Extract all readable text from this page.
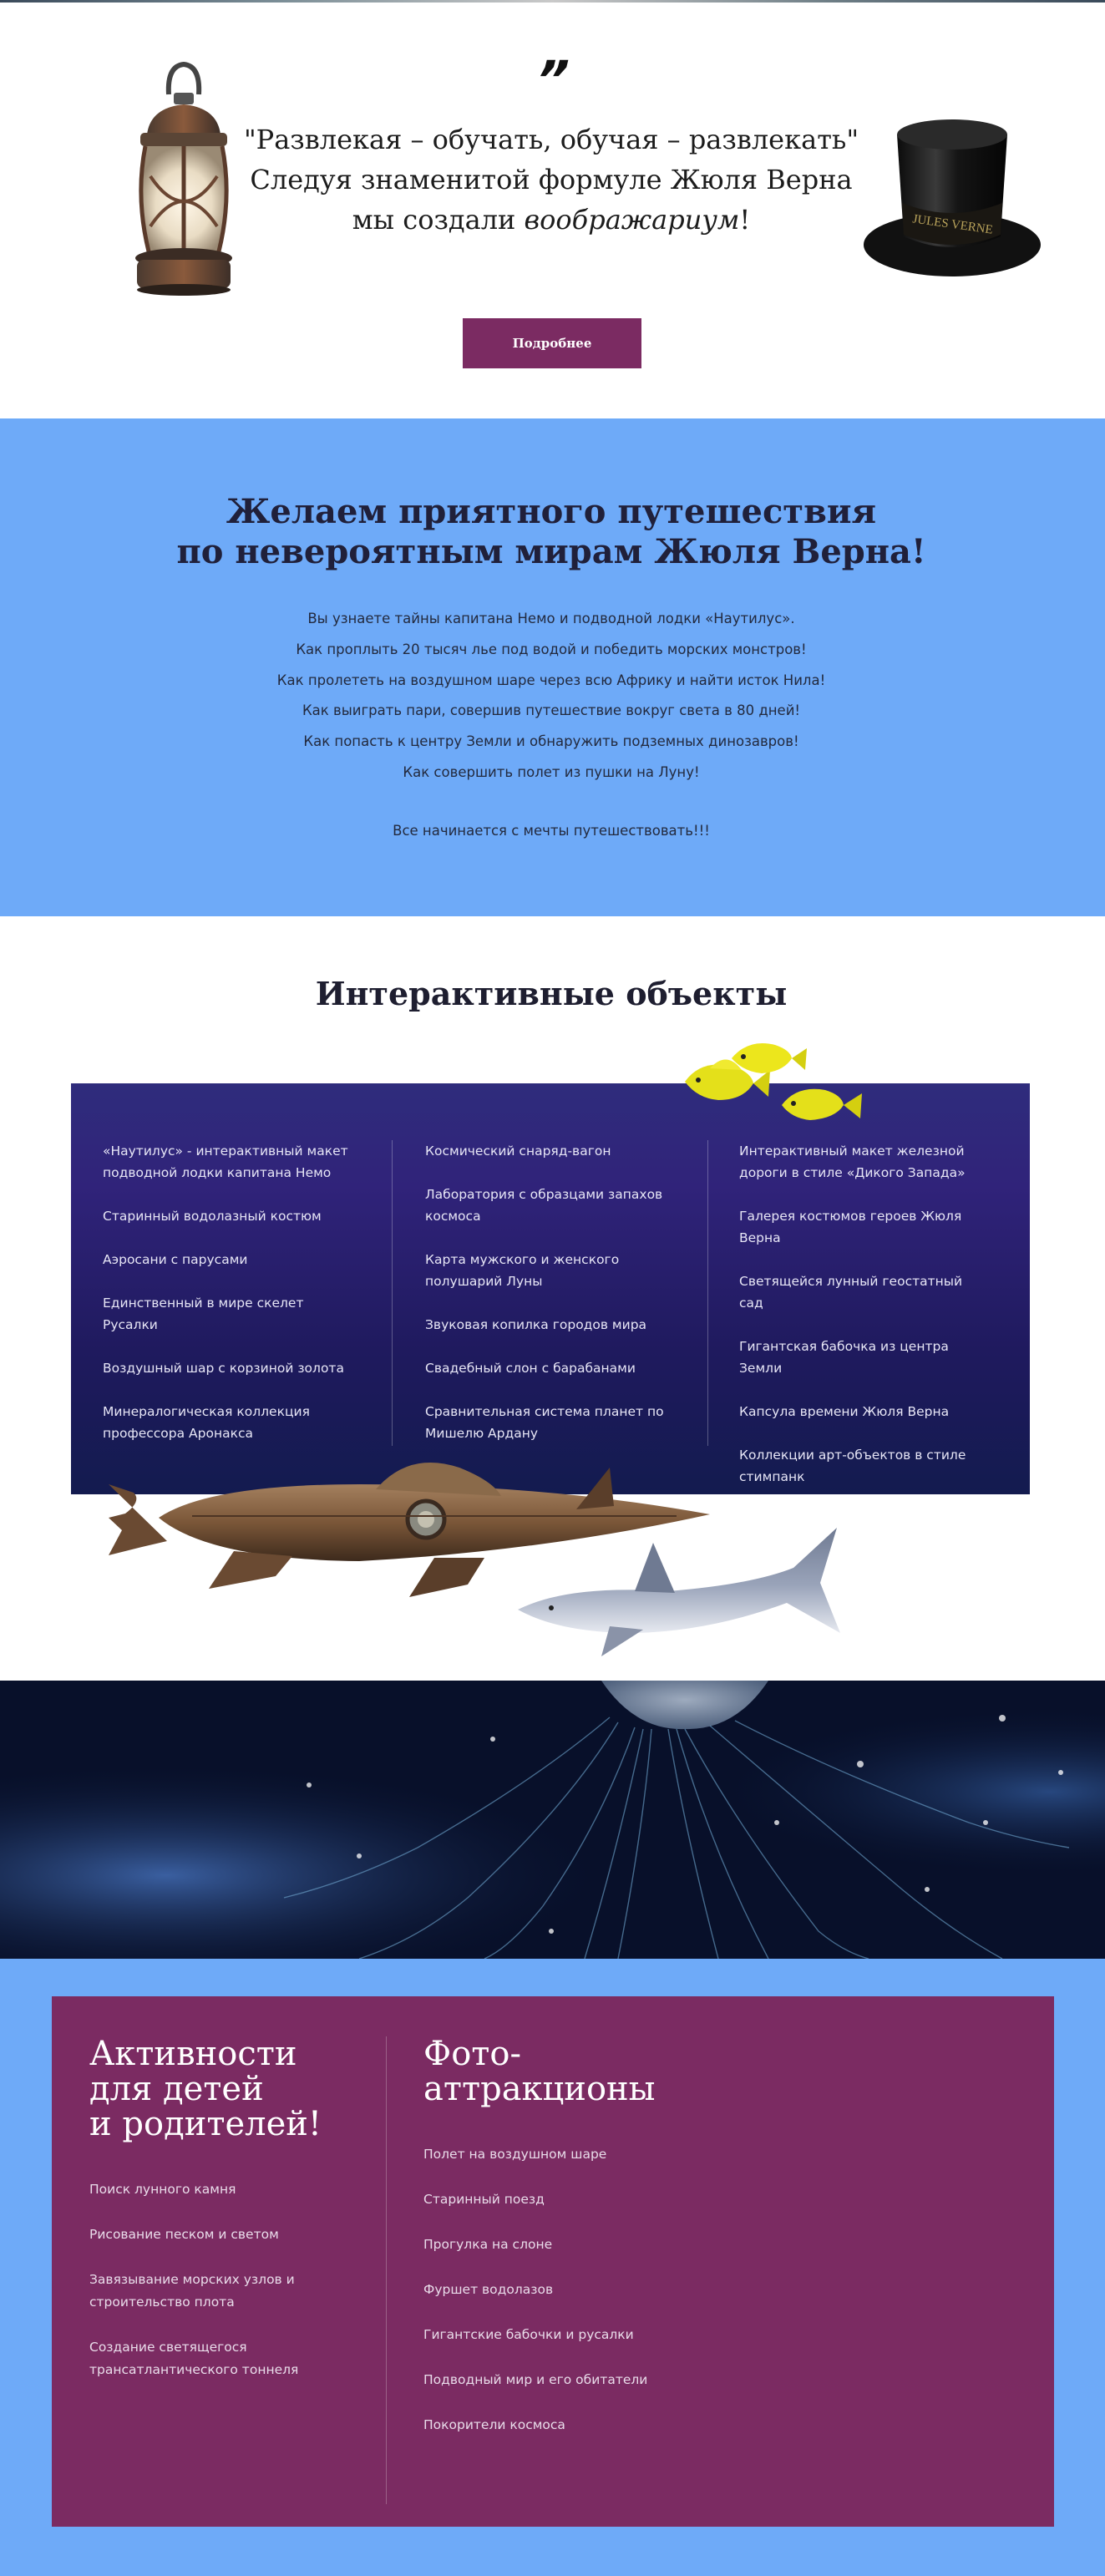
”
"Развлекая – обучать, обучая – развлекать"
Следуя знаменитой формуле Жюля Верна
мы создали воображариум!	JULES VERNE
Подробнее
Желаем приятного путешествия
по невероятным мирам Жюля Верна!
Вы узнаете тайны капитана Немо и подводной лодки «Наутилус».
Как проплыть 20 тысяч лье под водой и победить морских монстров!
Как пролететь на воздушном шаре через всю Африку и найти исток Нила!
Как выиграть пари, совершив путешествие вокруг света в 80 дней!
Как попасть к центру Земли и обнаружить подземных динозавров!
Как совершить полет из пушки на Луну!
Все начинается с мечты путешествовать!!!
Интерактивные объекты
«Наутилус» - интерактивный макет подводной лодки капитана Немо
Старинный водолазный костюм
Аэросани с парусами
Единственный в мире скелет Русалки
Воздушный шар с корзиной золота
Минералогическая коллекция профессора Аронакса
Космический снаряд-вагон
Лаборатория с образцами запахов космоса
Карта мужского и женского полушарий Луны
Звуковая копилка городов мира
Свадебный слон с барабанами
Сравнительная система планет по Мишелю Ардану
Интерактивный макет железной дороги в стиле «Дикого Запада»
Галерея костюмов героев Жюля Верна
Светящейся лунный геостатный сад
Гигантская бабочка из центра Земли
Капсула времени Жюля Верна
Коллекции арт-объектов в стиле стимпанк
Активности
для детей
и родителей!
Поиск лунного камня
Рисование песком и светом
Завязывание морских узлов и строительство плота
Создание светящегося трансатлантического тоннеля
Фото-
аттракционы
Полет на воздушном шаре
Старинный поезд
Прогулка на слоне
Фуршет водолазов
Гигантские бабочки и русалки
Подводный мир и его обитатели
Покорители космоса
